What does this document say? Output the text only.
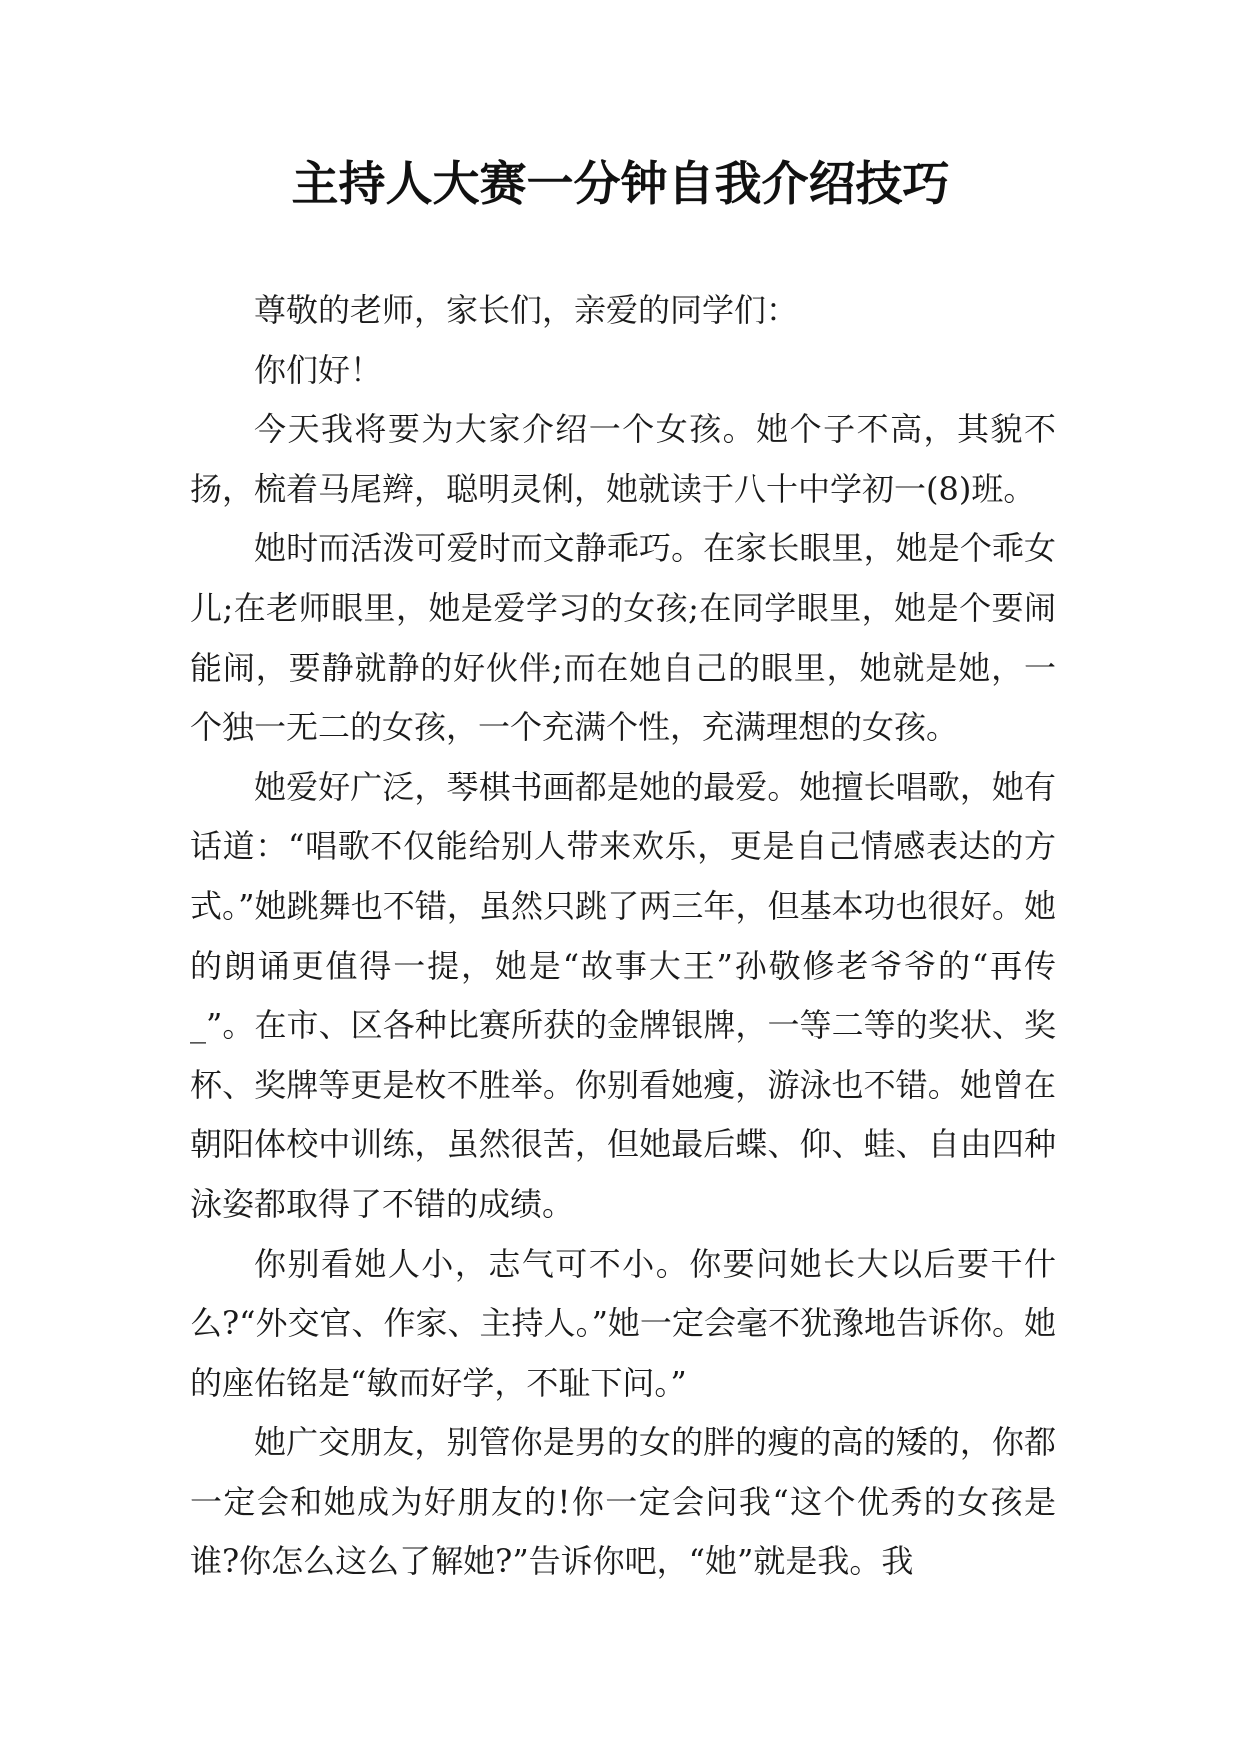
主持人大赛一分钟自我介绍技巧

尊敬的老师，家长们，亲爱的同学们：

你们好！

今天我将要为大家介绍一个女孩。她个子不高，其貌不扬，梳着马尾辫，聪明灵俐，她就读于八十中学初一(8)班。

她时而活泼可爱时而文静乖巧。在家长眼里，她是个乖女儿;在老师眼里，她是爱学习的女孩;在同学眼里，她是个要闹能闹，要静就静的好伙伴;而在她自己的眼里，她就是她，一个独一无二的女孩，一个充满个性，充满理想的女孩。

她爱好广泛，琴棋书画都是她的最爱。她擅长唱歌，她有话道：“唱歌不仅能给别人带来欢乐，更是自己情感表达的方式。”她跳舞也不错，虽然只跳了两三年，但基本功也很好。她的朗诵更值得一提，她是“故事大王”孙敬修老爷爷的“再传_”。在市、区各种比赛所获的金牌银牌，一等二等的奖状、奖杯、奖牌等更是枚不胜举。你别看她瘦，游泳也不错。她曾在朝阳体校中训练，虽然很苦，但她最后蝶、仰、蛙、自由四种泳姿都取得了不错的成绩。

你别看她人小，志气可不小。你要问她长大以后要干什么?“外交官、作家、主持人。”她一定会毫不犹豫地告诉你。她的座佑铭是“敏而好学，不耻下问。”

她广交朋友，别管你是男的女的胖的瘦的高的矮的，你都一定会和她成为好朋友的!你一定会问我“这个优秀的女孩是谁?你怎么这么了解她?”告诉你吧，“她”就是我。我
